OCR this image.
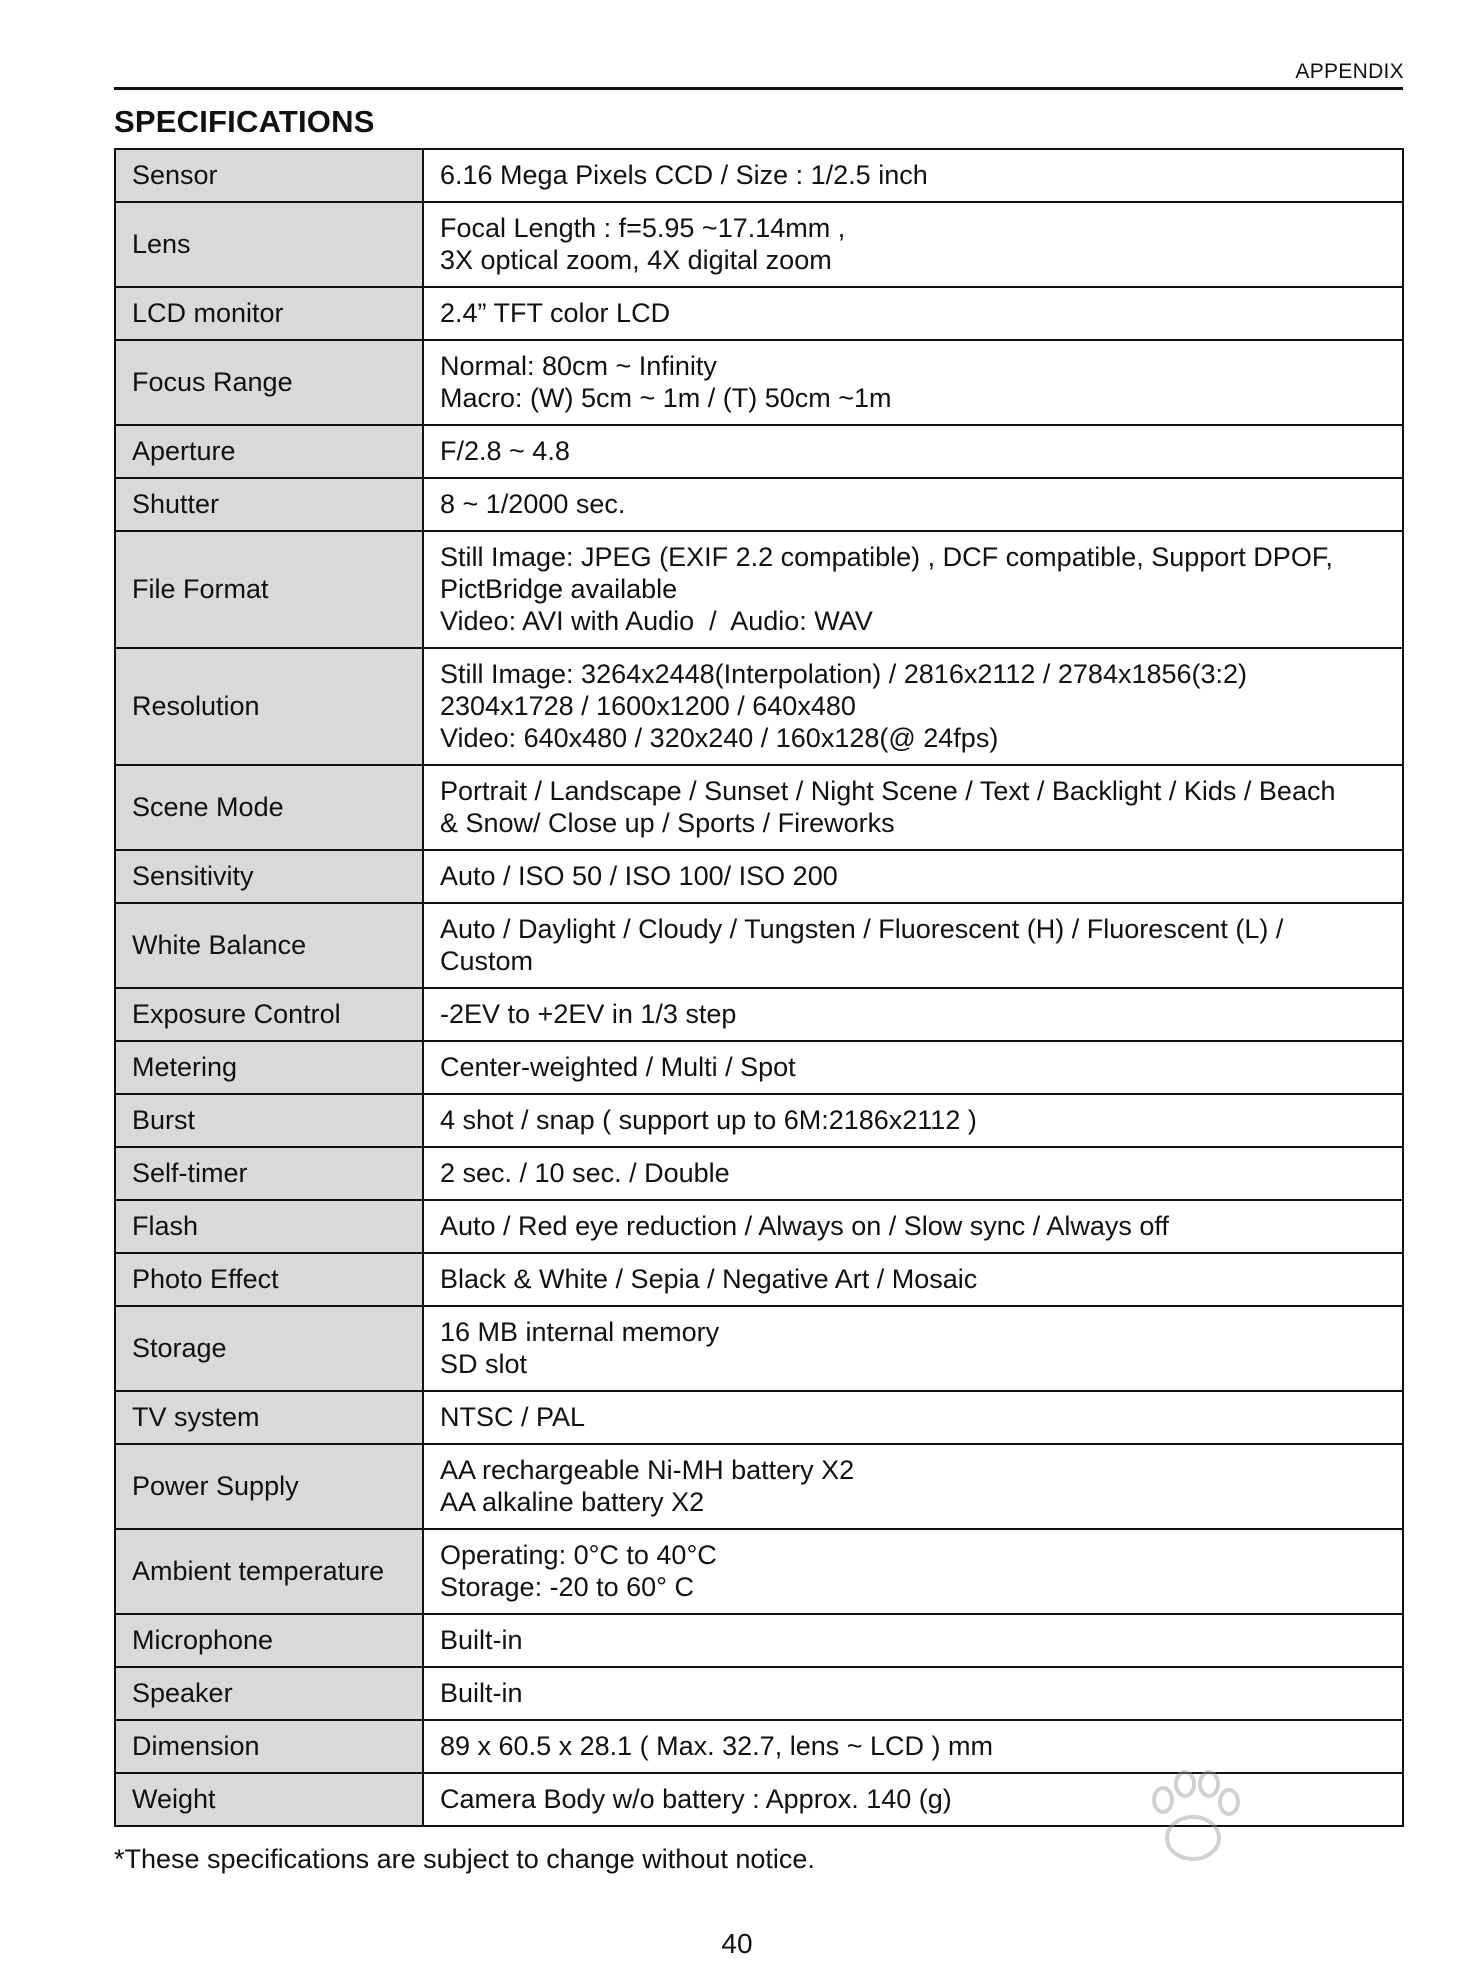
APPENDIX
SPECIFICATIONS
Sensor	6.16 Mega Pixels CCD / Size : 1/2.5 inch

Lens	Focal Length : f=5.95 ~17.14mm ,
3X optical zoom, 4X digital zoom

LCD monitor	2.4” TFT color LCD

Focus Range	Normal: 80cm ~ Infinity
Macro: (W) 5cm ~ 1m / (T) 50cm ~1m

Aperture	F/2.8 ~ 4.8

Shutter	8 ~ 1/2000 sec.

File Format	Still Image: JPEG (EXIF 2.2 compatible) , DCF compatible, Support DPOF,
PictBridge available
Video: AVI with Audio  /  Audio: WAV

Resolution	Still Image: 3264x2448(Interpolation) / 2816x2112 / 2784x1856(3:2)
2304x1728 / 1600x1200 / 640x480
Video: 640x480 / 320x240 / 160x128(@ 24fps)

Scene Mode	Portrait / Landscape / Sunset / Night Scene / Text / Backlight / Kids / Beach
& Snow/ Close up / Sports / Fireworks

Sensitivity	Auto / ISO 50 / ISO 100/ ISO 200

White Balance	Auto / Daylight / Cloudy / Tungsten / Fluorescent (H) / Fluorescent (L) /
Custom

Exposure Control	-2EV to +2EV in 1/3 step

Metering	Center-weighted / Multi / Spot

Burst	4 shot / snap ( support up to 6M:2186x2112 )

Self-timer	2 sec. / 10 sec. / Double

Flash	Auto / Red eye reduction / Always on / Slow sync / Always off

Photo Effect	Black & White / Sepia / Negative Art / Mosaic

Storage	16 MB internal memory
SD slot

TV system	NTSC / PAL

Power Supply	AA rechargeable Ni-MH battery X2
AA alkaline battery X2

Ambient temperature	Operating: 0°C to 40°C
Storage: -20 to 60° C

Microphone	Built-in

Speaker	Built-in

Dimension	89 x 60.5 x 28.1 ( Max. 32.7, lens ~ LCD ) mm

Weight	Camera Body w/o battery : Approx. 140 (g)
*These specifications are subject to change without notice.
40
